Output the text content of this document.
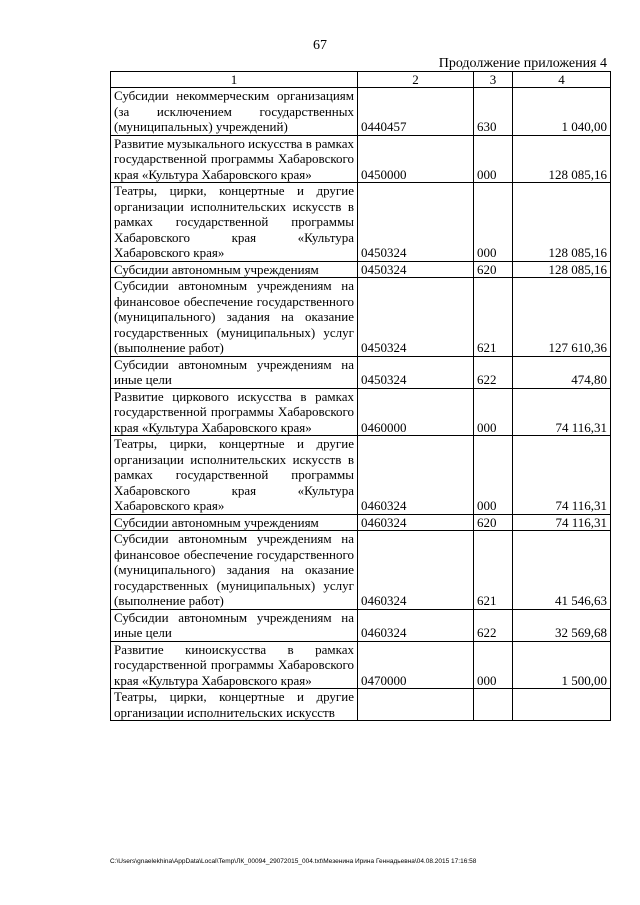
67
Продолжение приложения 4
1	2	3	4
Субсидии некоммерческим организациям (за исключением государственных (муниципальных) учреждений)	0440457	630	1 040,00
Развитие музыкального искусства в рамках государственной программы Хабаровского края «Культура Хабаровского края»	0450000	000	128 085,16
Театры, цирки, концертные и другие организации исполнительских искусств в рамках государственной программы Хабаровского края «Культура Хабаровского края»	0450324	000	128 085,16
Субсидии автономным учреждениям	0450324	620	128 085,16
Субсидии автономным учреждениям на финансовое обеспечение государственного (муниципального) задания на оказание государственных (муниципальных) услуг (выполнение работ)	0450324	621	127 610,36
Субсидии автономным учреждениям на иные цели	0450324	622	474,80
Развитие циркового искусства в рамках государственной программы Хабаровского края «Культура Хабаровского края»	0460000	000	74 116,31
Театры, цирки, концертные и другие организации исполнительских искусств в рамках государственной программы Хабаровского края «Культура Хабаровского края»	0460324	000	74 116,31
Субсидии автономным учреждениям	0460324	620	74 116,31
Субсидии автономным учреждениям на финансовое обеспечение государственного (муниципального) задания на оказание государственных (муниципальных) услуг (выполнение работ)	0460324	621	41 546,63
Субсидии автономным учреждениям на иные цели	0460324	622	32 569,68
Развитие киноискусства в рамках государственной программы Хабаровского края «Культура Хабаровского края»	0470000	000	1 500,00
Театры, цирки, концертные и другие организации исполнительских искусств			
C:\Users\gnaelekhina\AppData\Local\Temp\ЛК_00094_29072015_004.txt\Мезенина Ирина Геннадьевна\04.08.2015 17:16:58
